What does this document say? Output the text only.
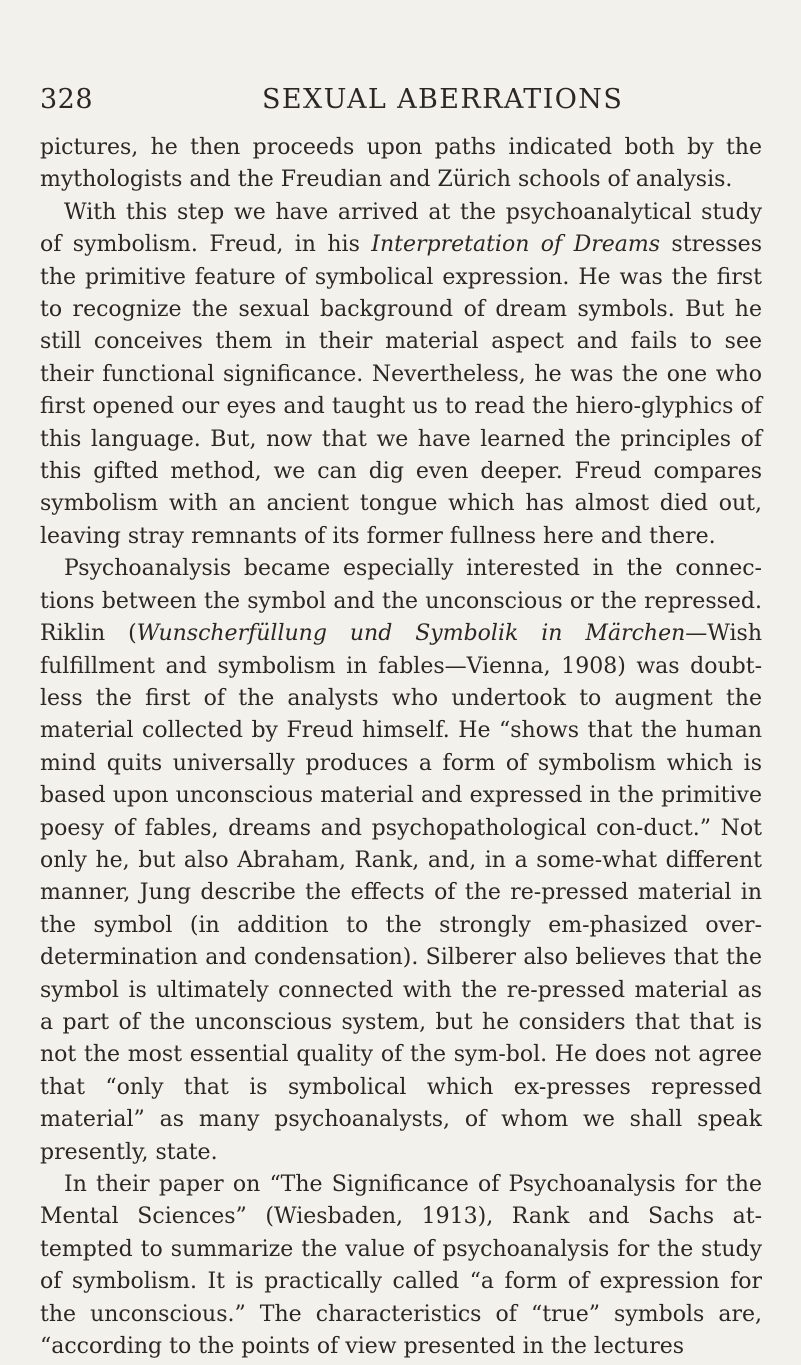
328	SEXUAL ABERRATIONS

pictures, he then proceeds upon paths indicated both by the mythologists and the Freudian and Zürich schools of analysis.

With this step we have arrived at the psychoanalytical study of symbolism. Freud, in his Interpretation of Dreams stresses the primitive feature of symbolical expression. He was the first to recognize the sexual background of dream symbols. But he still conceives them in their material aspect and fails to see their functional significance. Nevertheless, he was the one who first opened our eyes and taught us to read the hiero-glyphics of this language. But, now that we have learned the principles of this gifted method, we can dig even deeper. Freud compares symbolism with an ancient tongue which has almost died out, leaving stray remnants of its former fullness here and there.

Psychoanalysis became especially interested in the connec-tions between the symbol and the unconscious or the repressed. Riklin (Wunscherfüllung und Symbolik in Märchen—Wish fulfillment and symbolism in fables—Vienna, 1908) was doubt-less the first of the analysts who undertook to augment the material collected by Freud himself. He “shows that the human mind quits universally produces a form of symbolism which is based upon unconscious material and expressed in the primitive poesy of fables, dreams and psychopathological con-duct.” Not only he, but also Abraham, Rank, and, in a some-what different manner, Jung describe the effects of the re-pressed material in the symbol (in addition to the strongly em-phasized over-determination and condensation). Silberer also believes that the symbol is ultimately connected with the re-pressed material as a part of the unconscious system, but he considers that that is not the most essential quality of the sym-bol. He does not agree that “only that is symbolical which ex-presses repressed material” as many psychoanalysts, of whom we shall speak presently, state.

In their paper on “The Significance of Psychoanalysis for the Mental Sciences” (Wiesbaden, 1913), Rank and Sachs at-tempted to summarize the value of psychoanalysis for the study of symbolism. It is practically called “a form of expression for the unconscious.” The characteristics of “true” symbols are, “according to the points of view presented in the lectures
